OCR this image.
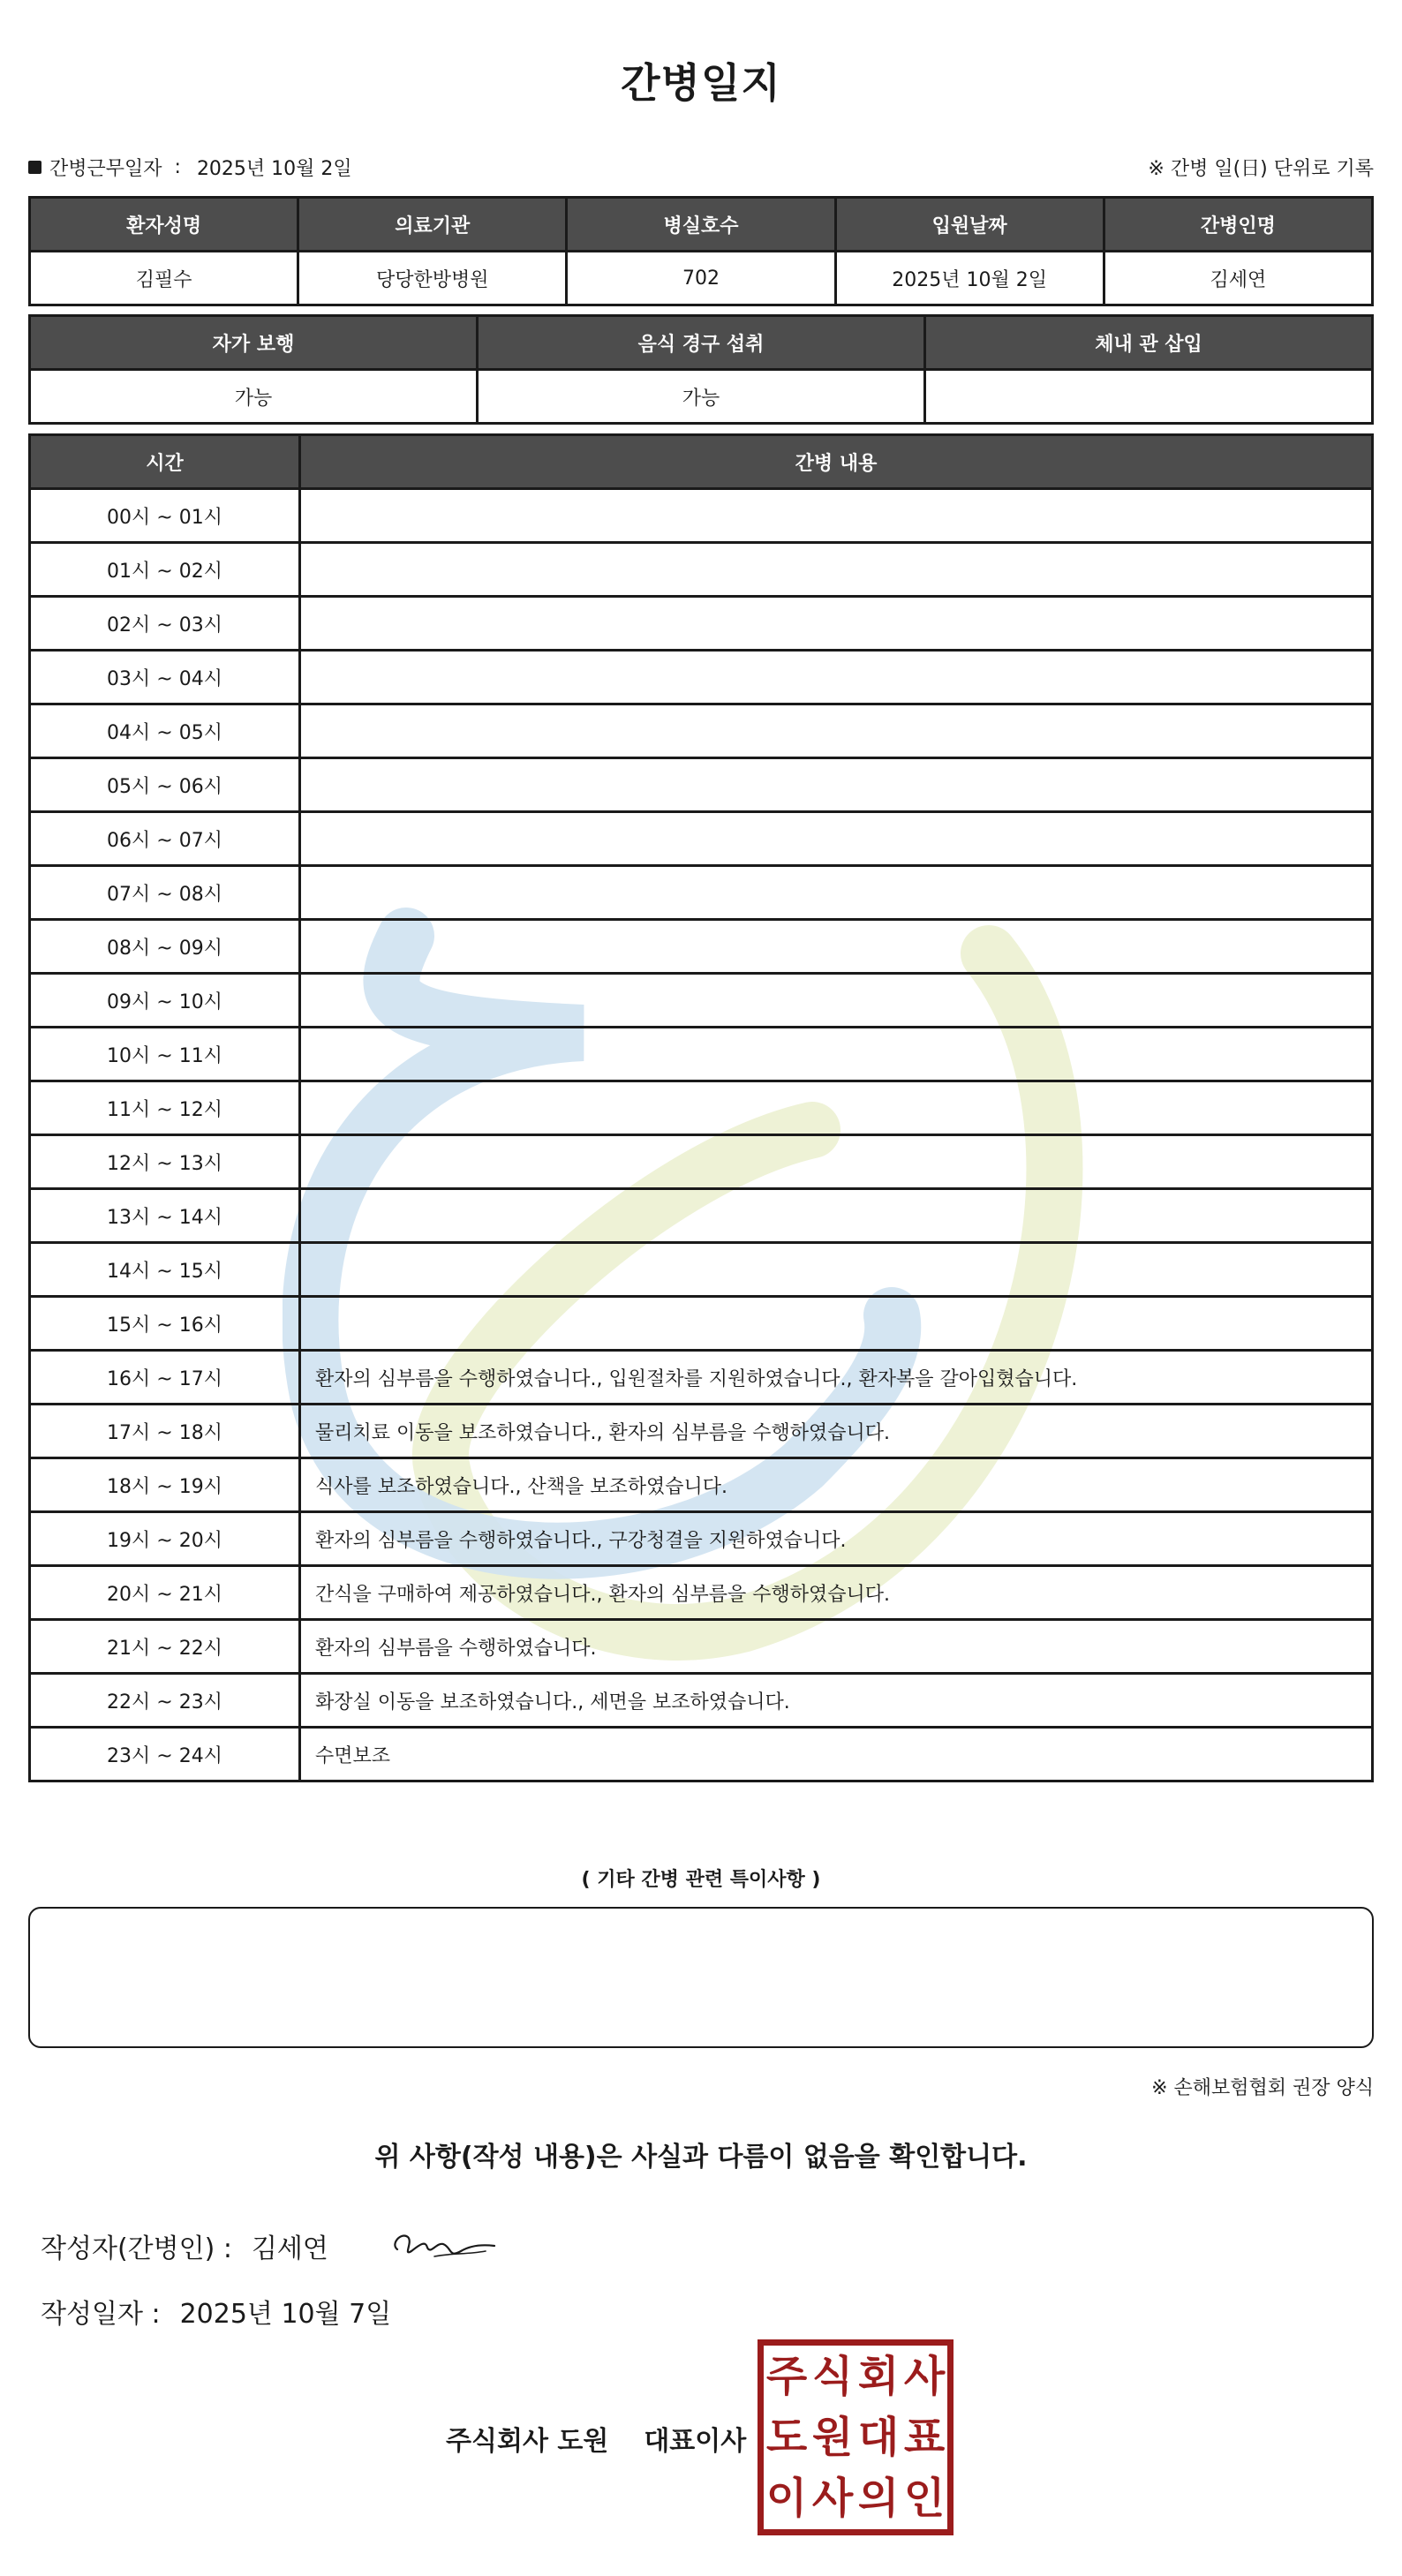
간병일지
간병근무일자 : 2025년 10월 2일	※ 간병 일(日) 단위로 기록
환자성명	의료기관	병실호수	입원날짜	간병인명
김필수	당당한방병원	702	2025년 10월 2일	김세연
자가 보행	음식 경구 섭취	체내 관 삽입
가능	가능	
시간	간병 내용
00시 ~ 01시	
01시 ~ 02시	
02시 ~ 03시	
03시 ~ 04시	
04시 ~ 05시	
05시 ~ 06시	
06시 ~ 07시	
07시 ~ 08시	
08시 ~ 09시	
09시 ~ 10시	
10시 ~ 11시	
11시 ~ 12시	
12시 ~ 13시	
13시 ~ 14시	
14시 ~ 15시	
15시 ~ 16시	
16시 ~ 17시	환자의 심부름을 수행하였습니다., 입원절차를 지원하였습니다., 환자복을 갈아입혔습니다.
17시 ~ 18시	물리치료 이동을 보조하였습니다., 환자의 심부름을 수행하였습니다.
18시 ~ 19시	식사를 보조하였습니다., 산책을 보조하였습니다.
19시 ~ 20시	환자의 심부름을 수행하였습니다., 구강청결을 지원하였습니다.
20시 ~ 21시	간식을 구매하여 제공하였습니다., 환자의 심부름을 수행하였습니다.
21시 ~ 22시	환자의 심부름을 수행하였습니다.
22시 ~ 23시	화장실 이동을 보조하였습니다., 세면을 보조하였습니다.
23시 ~ 24시	수면보조
( 기타 간병 관련 특이사항 )
※ 손해보험협회 권장 양식
위 사항(작성 내용)은 사실과 다름이 없음을 확인합니다.
작성자(간병인) : 김세연
작성일자 : 2025년 10월 7일
주식회사 도원 대표이사
주 식 회 사
도 원 대 표
이 사 의 인
